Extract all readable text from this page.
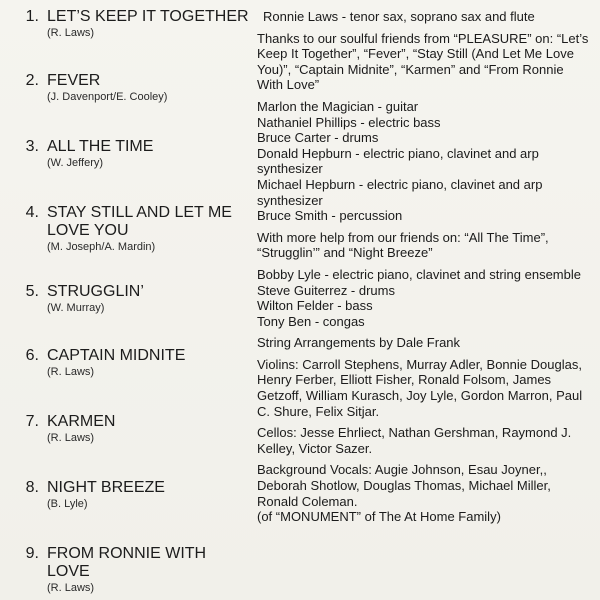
1. LET’S KEEP IT TOGETHER
(R. Laws)
2. FEVER
(J. Davenport/E. Cooley)
3. ALL THE TIME
(W. Jeffery)
4. STAY STILL AND LET ME LOVE YOU
(M. Joseph/A. Mardin)
5. STRUGGLIN’
(W. Murray)
6. CAPTAIN MIDNITE
(R. Laws)
7. KARMEN
(R. Laws)
8. NIGHT BREEZE
(B. Lyle)
9. FROM RONNIE WITH LOVE
(R. Laws)
Ronnie Laws - tenor sax, soprano sax and flute
Thanks to our soulful friends from “PLEASURE” on: “Let’s Keep It Together”, “Fever”, “Stay Still (And Let Me Love You)”, “Captain Midnite”, “Karmen” and “From Ronnie With Love”
Marlon the Magician - guitar
Nathaniel Phillips - electric bass
Bruce Carter - drums
Donald Hepburn - electric piano, clavinet and arp synthesizer
Michael Hepburn - electric piano, clavinet and arp synthesizer
Bruce Smith - percussion
With more help from our friends on: “All The Time”, “Strugglin’” and “Night Breeze”
Bobby Lyle - electric piano, clavinet and string ensemble
Steve Guiterrez - drums
Wilton Felder - bass
Tony Ben - congas
String Arrangements by Dale Frank
Violins: Carroll Stephens, Murray Adler, Bonnie Douglas, Henry Ferber, Elliott Fisher, Ronald Folsom, James Getzoff, William Kurasch, Joy Lyle, Gordon Marron, Paul C. Shure, Felix Sitjar.
Cellos: Jesse Ehrliect, Nathan Gershman, Raymond J. Kelley, Victor Sazer.
Background Vocals: Augie Johnson, Esau Joyner,, Deborah Shotlow, Douglas Thomas, Michael Miller, Ronald Coleman.
(of “MONUMENT” of The At Home Family)
